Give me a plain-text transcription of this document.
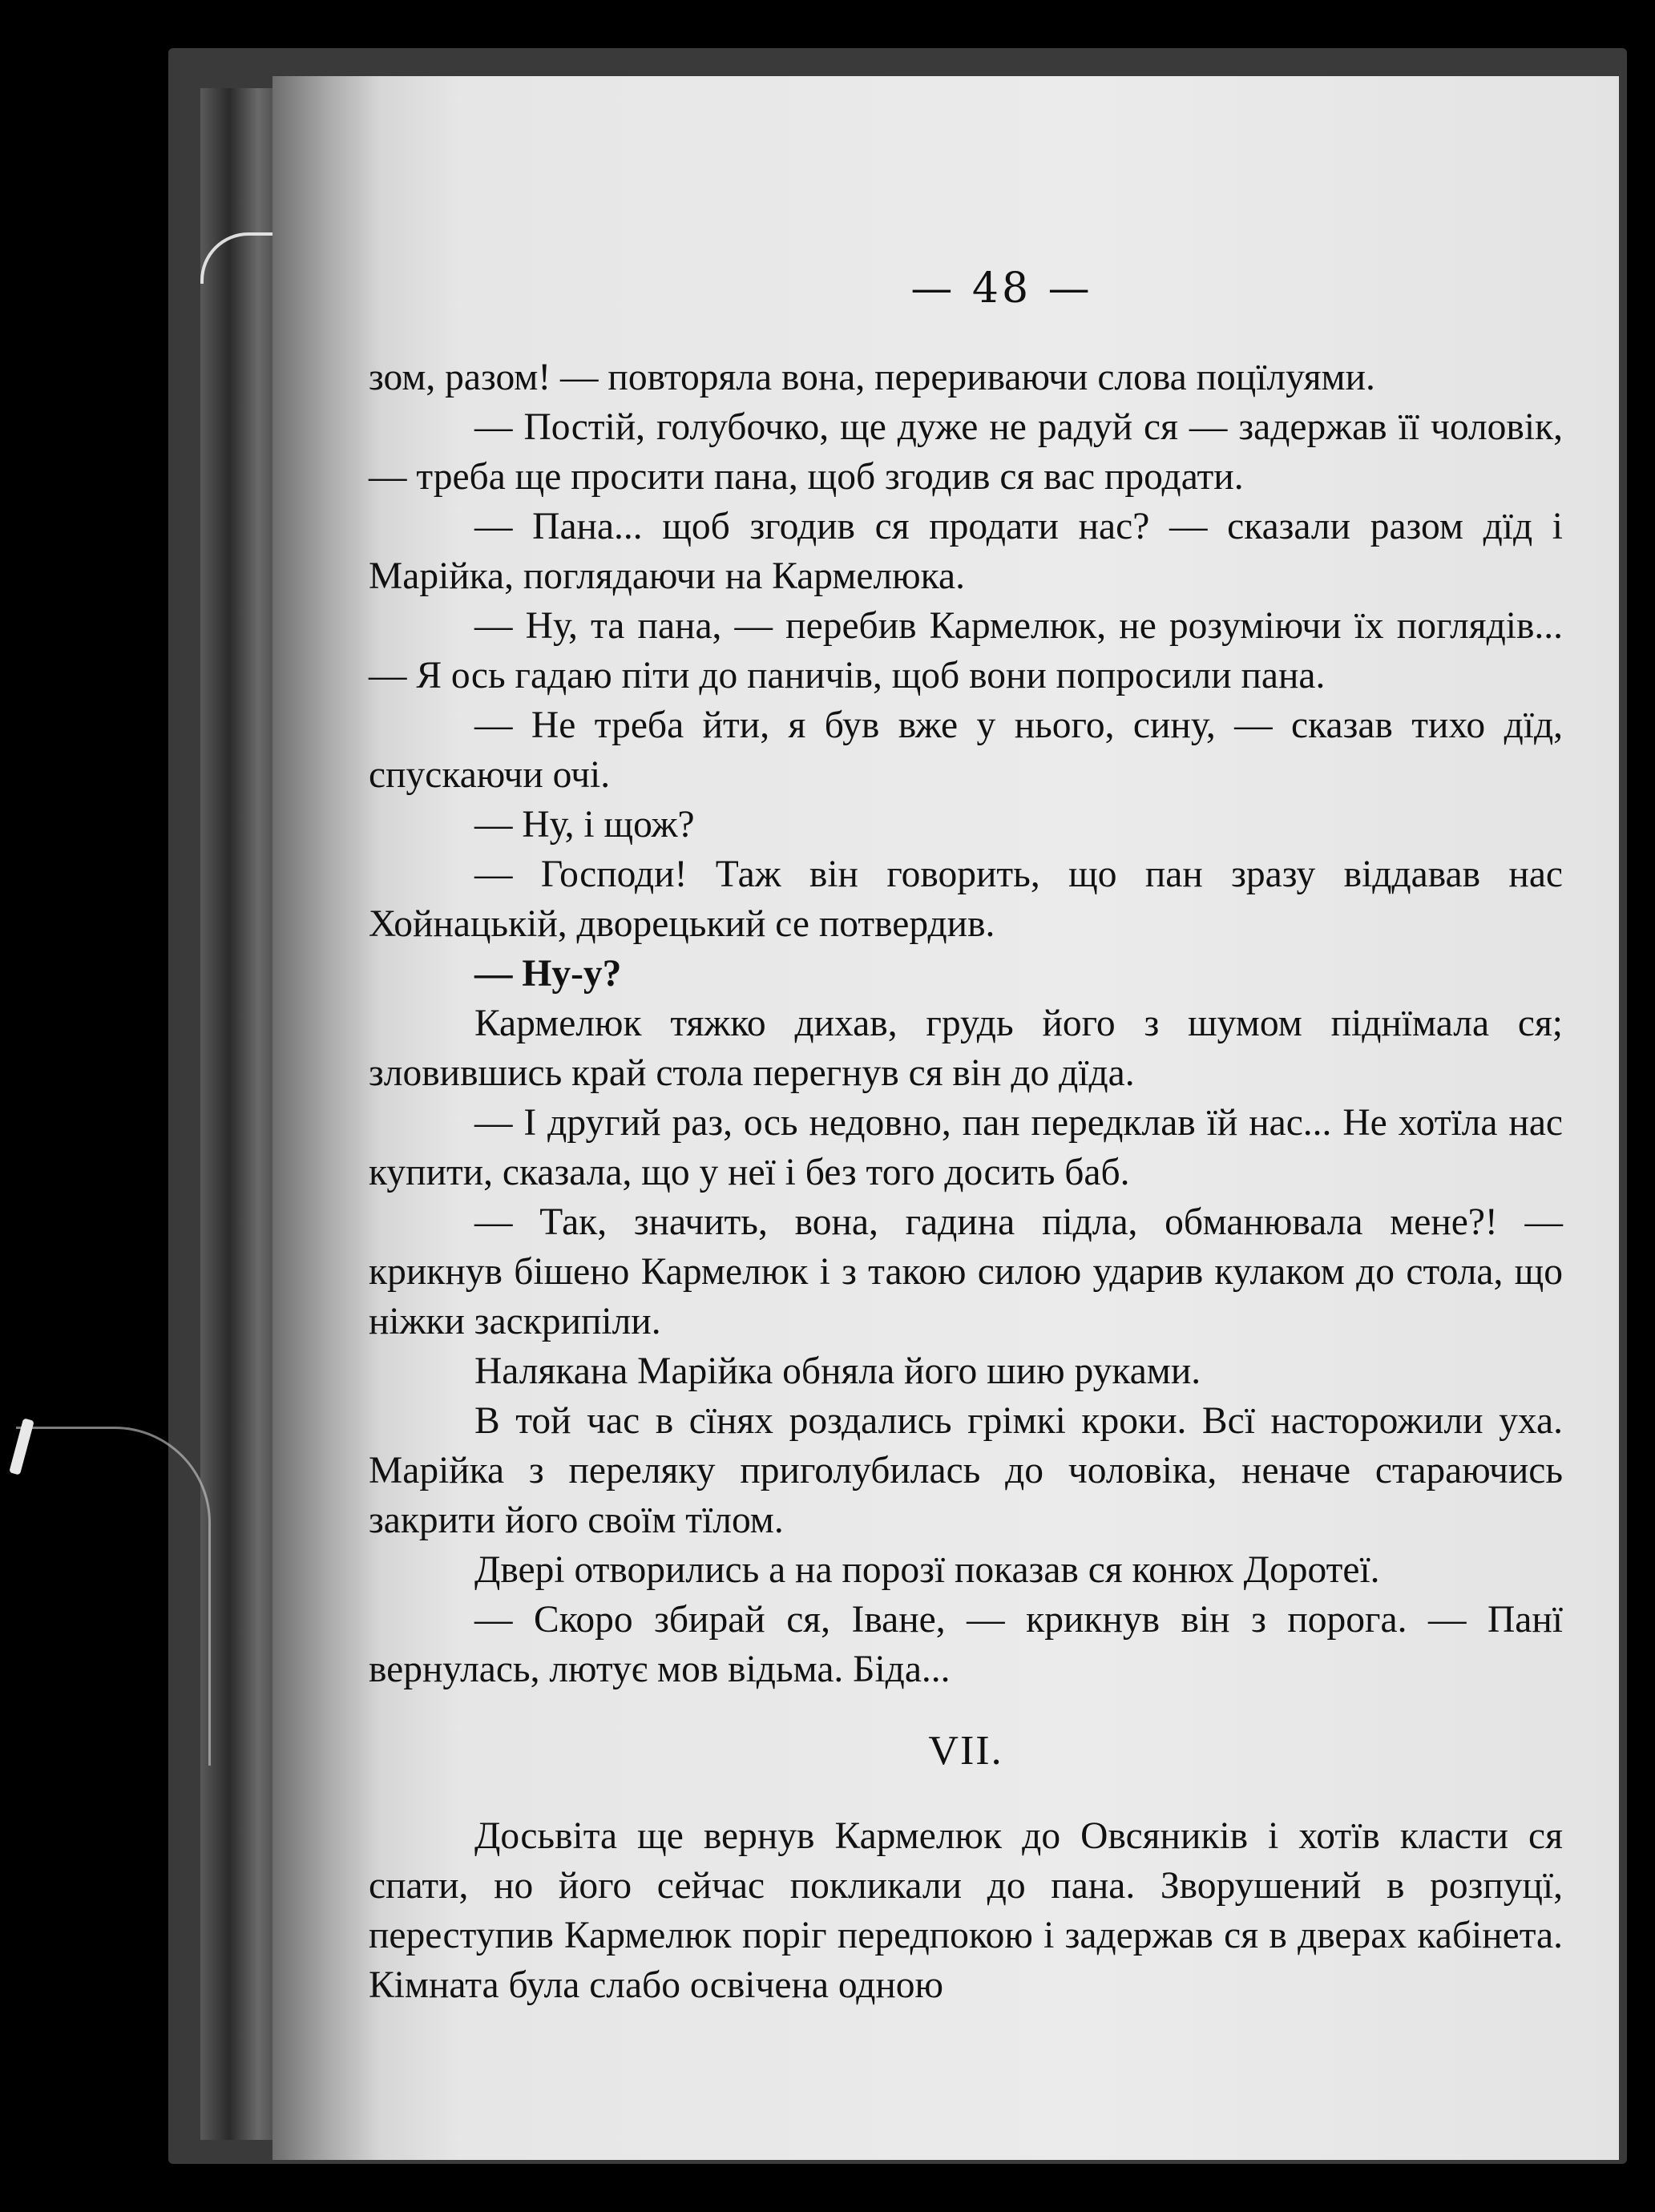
— 48 —

зом, разом! — повторяла вона, перериваючи слова поцїлуями.

— Постій, голубочко, ще дуже не радуй ся — задержав її чоловік, — треба ще просити пана, щоб згодив ся вас продати.

— Пана... щоб згодив ся продати нас? — сказали разом дїд і Марійка, поглядаючи на Кармелюка.

— Ну, та пана, — перебив Кармелюк, не розуміючи їх поглядів... — Я ось гадаю піти до паничів, щоб вони попросили пана.

— Не треба йти, я був вже у нього, сину, — сказав тихо дїд, спускаючи очі.

— Ну, і щож?

— Господи! Таж він говорить, що пан зразу віддавав нас Хойнацькій, дворецький се потвердив.

— Ну-у?

Кармелюк тяжко дихав, грудь його з шумом піднїмала ся; зловившись край стола перегнув ся він до дїда.

— І другий раз, ось недовно, пан передклав їй нас... Не хотїла нас купити, сказала, що у неї і без того досить баб.

— Так, значить, вона, гадина підла, обманювала мене?! — крикнув бішено Кармелюк і з такою силою ударив кулаком до стола, що ніжки заскрипіли.

Налякана Марійка обняла його шию руками.

В той час в сїнях роздались грімкі кроки. Всї насторожили уха. Марійка з переляку приголубилась до чоловіка, неначе стараючись закрити його своїм тїлом.

Двері отворились а на порозї показав ся конюх Доротеї.

— Скоро збирай ся, Іване, — крикнув він з порога. — Панї вернулась, лютує мов відьма. Біда...

VII.

Досьвіта ще вернув Кармелюк до Овсяників і хотїв класти ся спати, но його сейчас покликали до пана. Зворушений в розпуцї, переступив Кармелюк поріг передпокою і задержав ся в дверах кабінета. Кімната була слабо освічена одною
